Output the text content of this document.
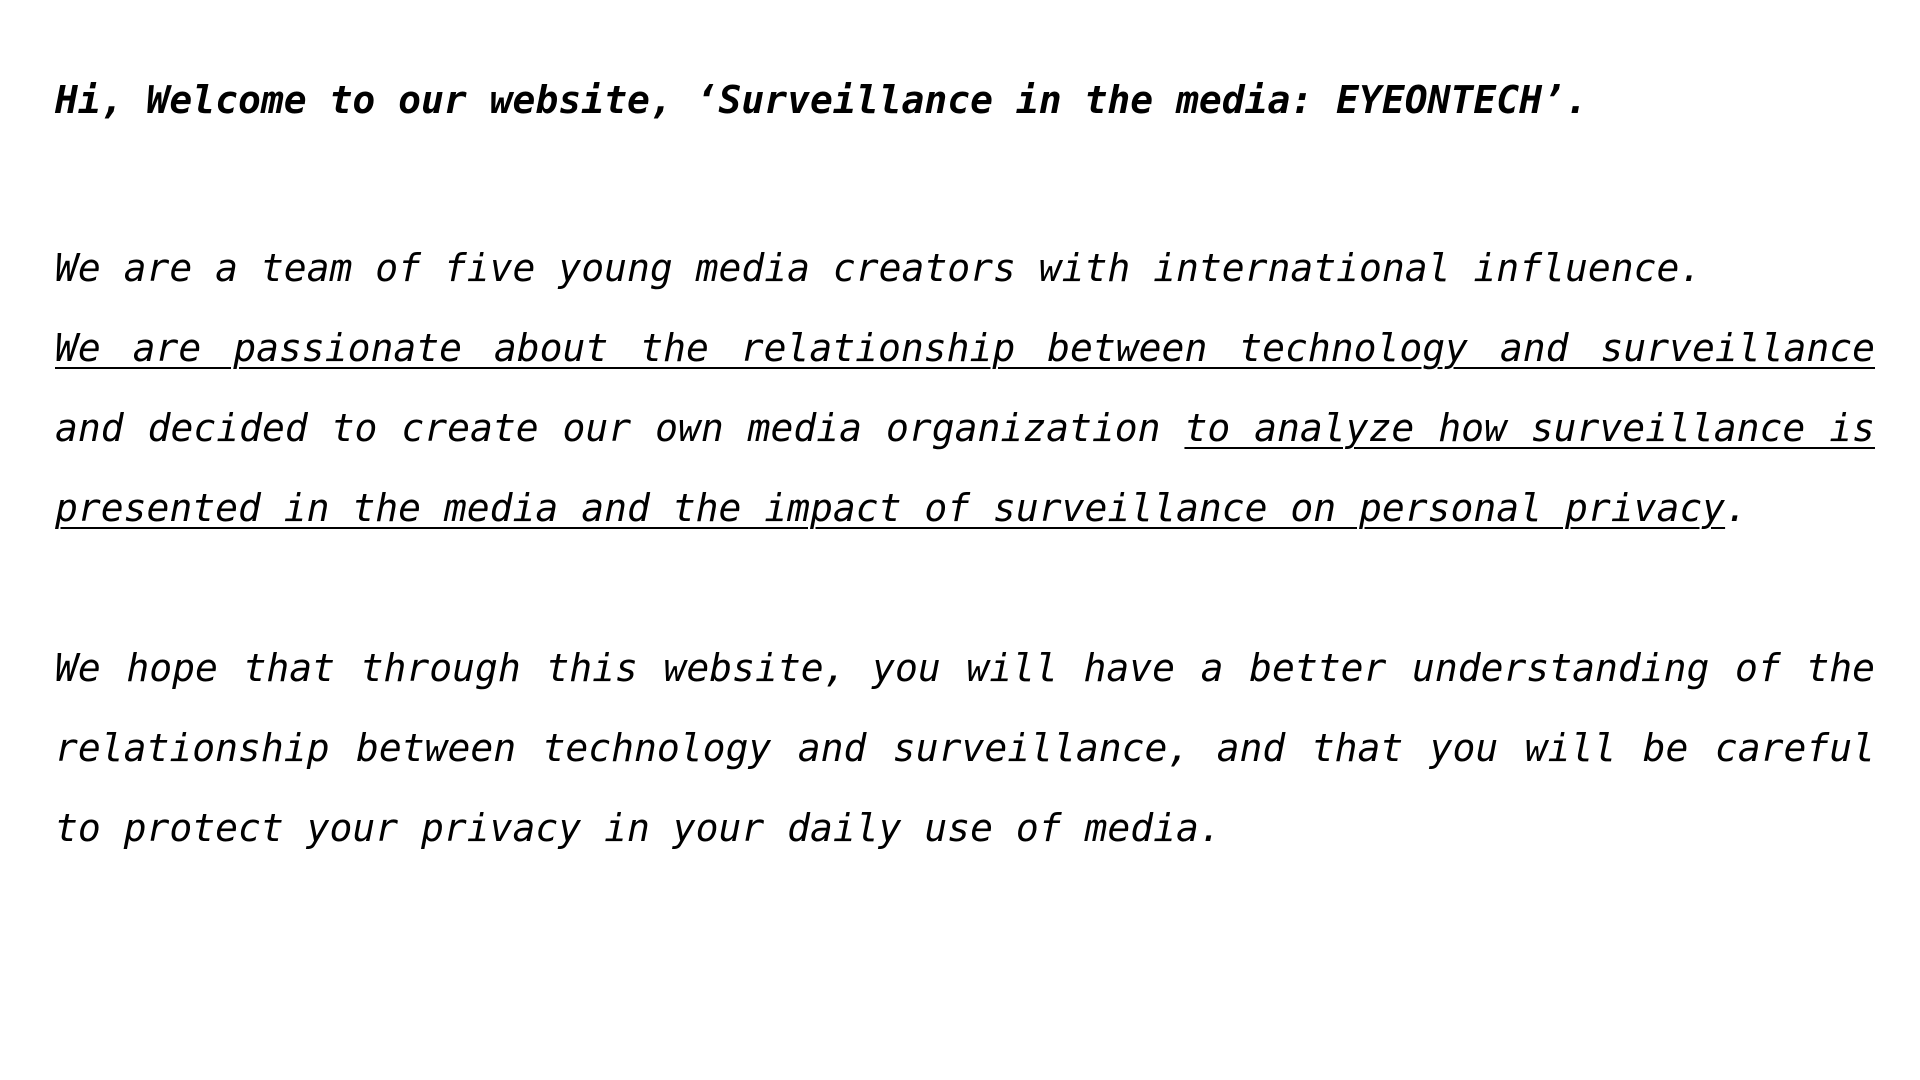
Hi, Welcome to our website, ‘Surveillance in the media: EYEONTECH’.

We are a team of five young media creators with international influence.

We are passionate about the relationship between technology and surveillance and decided to create our own media organization to analyze how surveillance is presented in the media and the impact of surveillance on personal privacy.

We hope that through this website, you will have a better understanding of the relationship between technology and surveillance, and that you will be careful to protect your privacy in your daily use of media.
